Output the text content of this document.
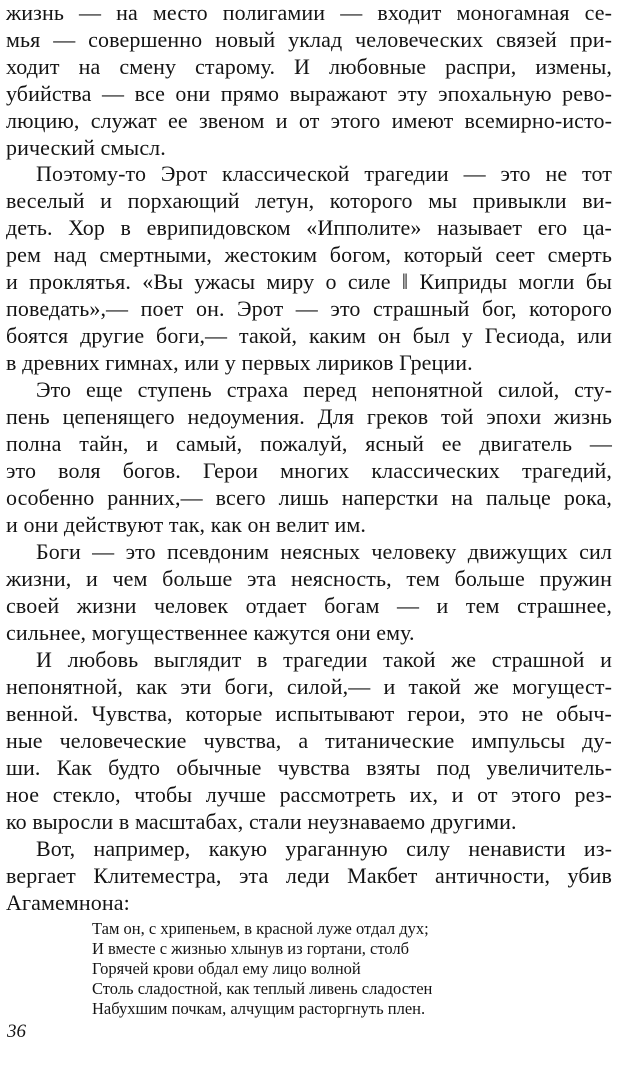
жизнь — на место полигамии — входит моногамная се-
мья — совершенно новый уклад человеческих связей при-
ходит на смену старому. И любовные распри, измены,
убийства — все они прямо выражают эту эпохальную рево-
люцию, служат ее звеном и от этого имеют всемирно-исто-
рический смысл.
Поэтому-то Эрот классической трагедии — это не тот
веселый и порхающий летун, которого мы привыкли ви-
деть. Хор в еврипидовском «Ипполите» называет его ца-
рем над смертными, жестоким богом, который сеет смерть
и проклятья. «Вы ужасы миру о силе ‖ Киприды могли бы
поведать»,— поет он. Эрот — это страшный бог, которого
боятся другие боги,— такой, каким он был у Гесиода, или
в древних гимнах, или у первых лириков Греции.
Это еще ступень страха перед непонятной силой, сту-
пень цепенящего недоумения. Для греков той эпохи жизнь
полна тайн, и самый, пожалуй, ясный ее двигатель —
это воля богов. Герои многих классических трагедий,
особенно ранних,— всего лишь наперстки на пальце рока,
и они действуют так, как он велит им.
Боги — это псевдоним неясных человеку движущих сил
жизни, и чем больше эта неясность, тем больше пружин
своей жизни человек отдает богам — и тем страшнее,
сильнее, могущественнее кажутся они ему.
И любовь выглядит в трагедии такой же страшной и
непонятной, как эти боги, силой,— и такой же могущест-
венной. Чувства, которые испытывают герои, это не обыч-
ные человеческие чувства, а титанические импульсы ду-
ши. Как будто обычные чувства взяты под увеличитель-
ное стекло, чтобы лучше рассмотреть их, и от этого рез-
ко выросли в масштабах, стали неузнаваемо другими.
Вот, например, какую ураганную силу ненависти из-
вергает Клитеместра, эта леди Макбет античности, убив
Агамемнона:
Там он, с хрипеньем, в красной луже отдал дух;
И вместе с жизнью хлынув из гортани, столб
Горячей крови обдал ему лицо волной
Столь сладостной, как теплый ливень сладостен
Набухшим почкам, алчущим расторгнуть плен.
36
